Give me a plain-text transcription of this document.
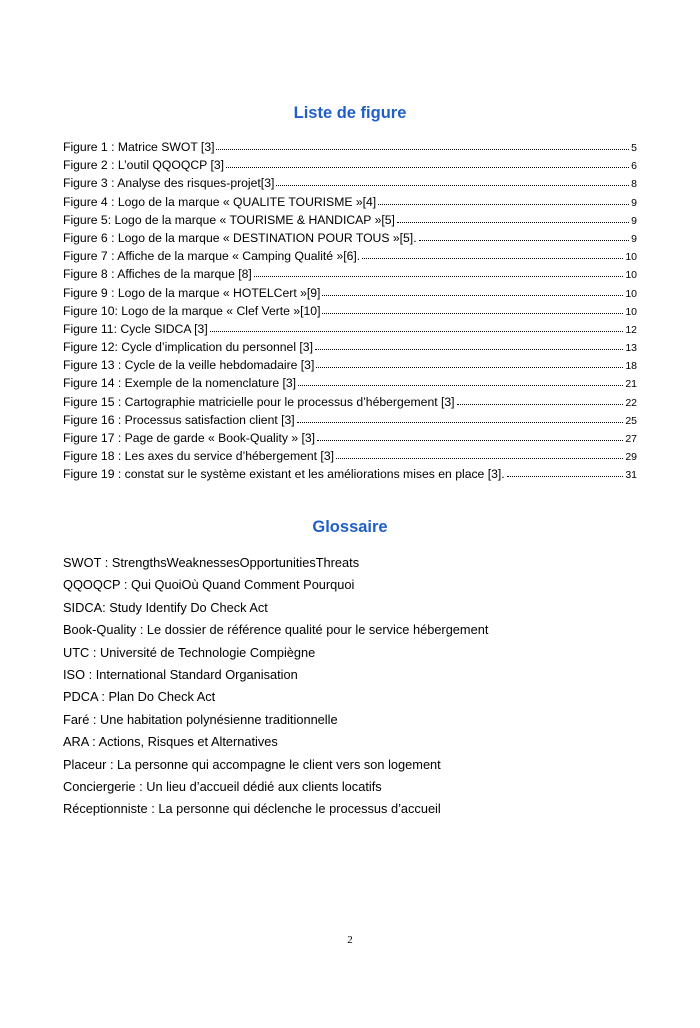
Liste de figure
Figure 1 : Matrice SWOT [3]	5
Figure 2 : L’outil QQOQCP [3]	6
Figure 3 : Analyse des risques-projet[3]	8
Figure 4 : Logo de la marque « QUALITE TOURISME »[4]	9
Figure 5: Logo de la marque « TOURISME & HANDICAP »[5]	9
Figure 6 : Logo de la marque « DESTINATION POUR TOUS »[5].	9
Figure 7 : Affiche de la marque « Camping Qualité »[6].	10
Figure 8 : Affiches de la marque [8]	10
Figure 9 : Logo de la marque « HOTELCert »[9]	10
Figure 10: Logo de la marque « Clef Verte »[10]	10
Figure 11: Cycle SIDCA [3]	12
Figure 12: Cycle d’implication du personnel [3]	13
Figure 13 : Cycle de la veille hebdomadaire [3]	18
Figure 14 : Exemple de la nomenclature [3]	21
Figure 15 : Cartographie matricielle pour le processus d’hébergement [3]	22
Figure 16 : Processus satisfaction client [3]	25
Figure 17 : Page de garde « Book-Quality » [3]	27
Figure 18 : Les axes du service d’hébergement [3]	29
Figure 19 : constat sur le système existant et les améliorations mises en place [3].	31
Glossaire
SWOT : StrengthsWeaknessesOpportunitiesThreats
QQOQCP : Qui QuoiOù Quand Comment Pourquoi
SIDCA: Study Identify Do Check Act
Book-Quality : Le dossier de référence qualité pour le service hébergement
UTC : Université de Technologie Compiègne
ISO : International Standard Organisation
PDCA : Plan Do Check Act
Faré : Une habitation polynésienne traditionnelle
ARA : Actions, Risques et Alternatives
Placeur : La personne qui accompagne le client vers son logement
Conciergerie : Un lieu d’accueil dédié aux clients locatifs
Réceptionniste : La personne qui déclenche le processus d’accueil
2
